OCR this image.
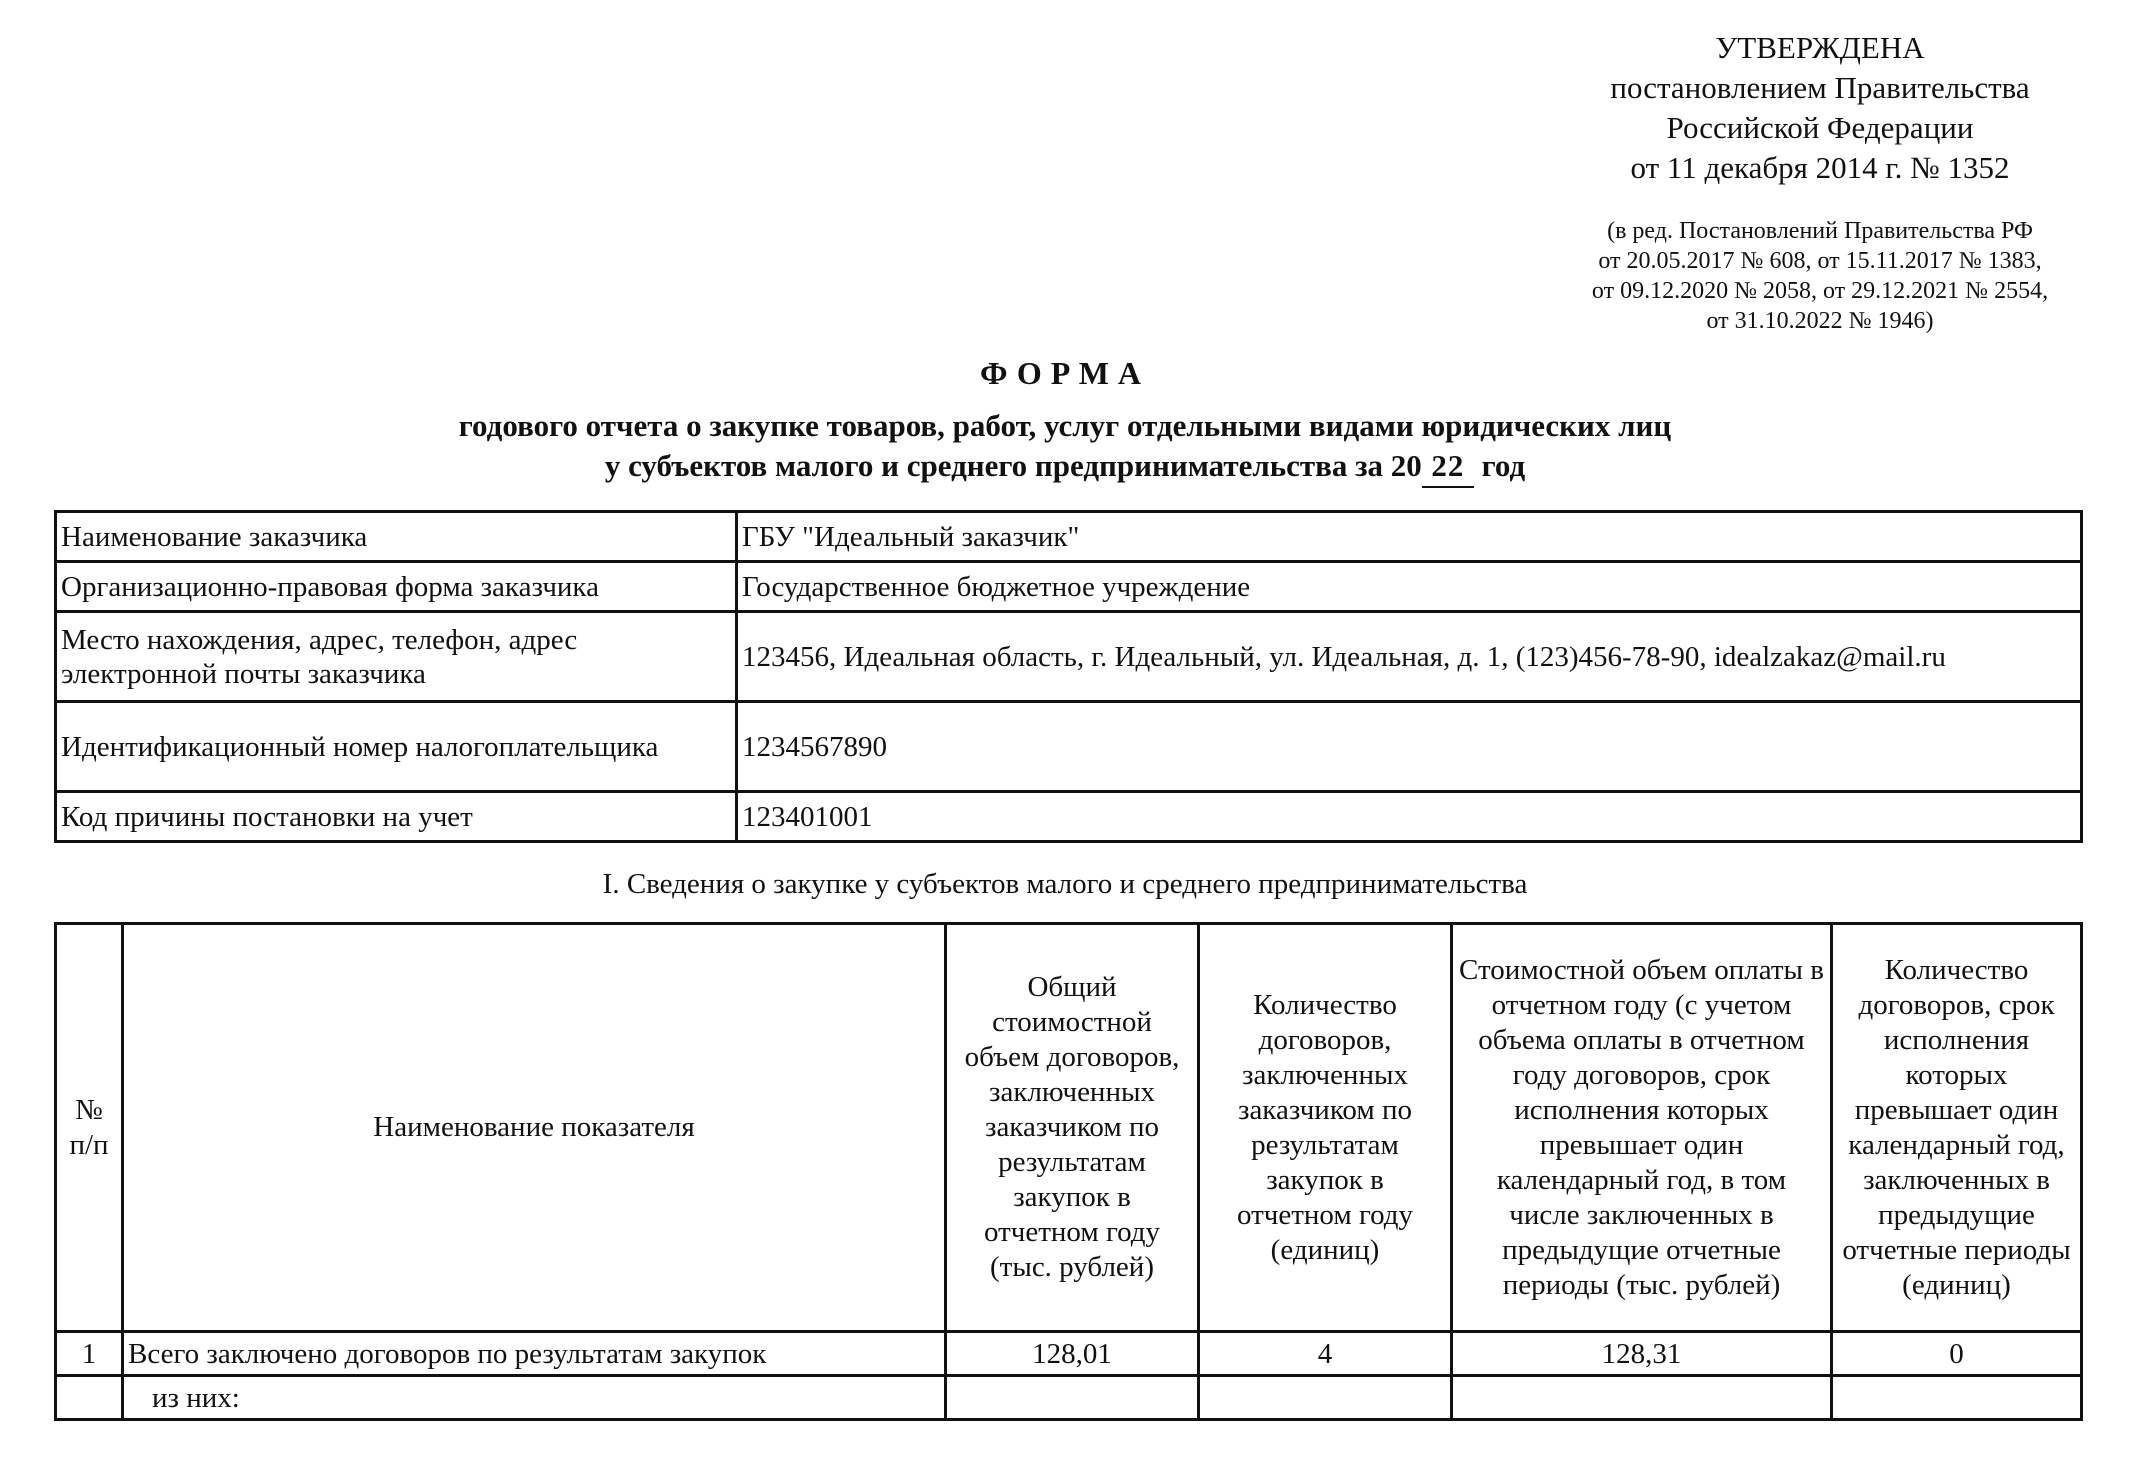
УТВЕРЖДЕНА
постановлением Правительства
Российской Федерации
от 11 декабря 2014 г. № 1352
(в ред. Постановлений Правительства РФ
от 20.05.2017 № 608, от 15.11.2017 № 1383,
от 09.12.2020 № 2058, от 29.12.2021 № 2554,
от 31.10.2022 № 1946)
ФОРМА
годового отчета о закупке товаров, работ, услуг отдельными видами юридических лиц
у субъектов малого и среднего предпринимательства за 20 22 год
Наименование заказчика	ГБУ "Идеальный заказчик"
Организационно-правовая форма заказчика	Государственное бюджетное учреждение
Место нахождения, адрес, телефон, адрес электронной почты заказчика	123456, Идеальная область, г. Идеальный, ул. Идеальная, д. 1, (123)456-78-90, idealzakaz@mail.ru
Идентификационный номер налогоплательщика	1234567890
Код причины постановки на учет	123401001
I. Сведения о закупке у субъектов малого и среднего предпринимательства
№ п/п	Наименование показателя	Общий стоимостной объем договоров, заключенных заказчиком по результатам закупок в отчетном году (тыс. рублей)	Количество договоров, заключенных заказчиком по результатам закупок в отчетном году (единиц)	Стоимостной объем оплаты в отчетном году (с учетом объема оплаты в отчетном году договоров, срок исполнения которых превышает один календарный год, в том числе заключенных в предыдущие отчетные периоды (тыс. рублей)	Количество договоров, срок исполнения которых превышает один календарный год, заключенных в предыдущие отчетные периоды (единиц)
1	Всего заключено договоров по результатам закупок	128,01	4	128,31	0
	из них:				
